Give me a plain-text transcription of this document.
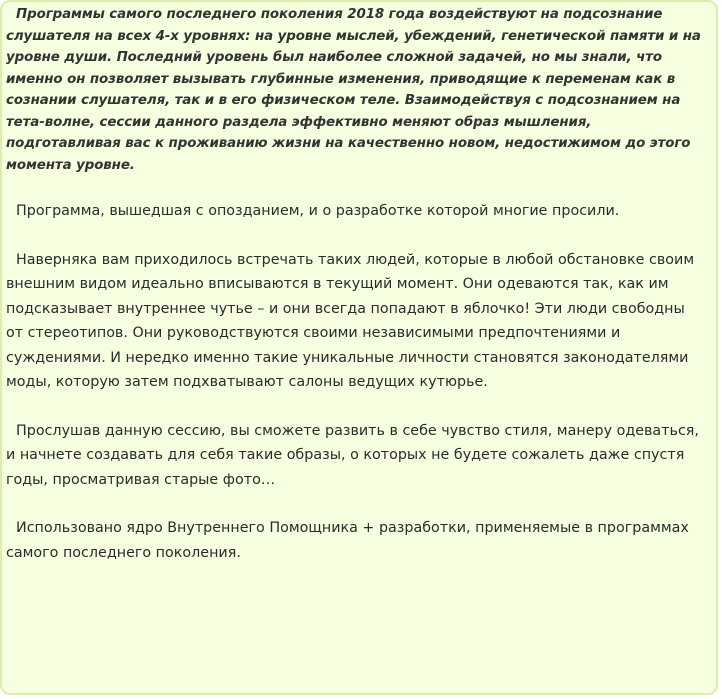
Программы самого последнего поколения 2018 года воздействуют на подсознание слушателя на всех 4-х уровнях: на уровне мыслей, убеждений, генетической памяти и на уровне души. Последний уровень был наиболее сложной задачей, но мы знали, что именно он позволяет вызывать глубинные изменения, приводящие к переменам как в сознании слушателя, так и в его физическом теле. Взаимодействуя с подсознанием на тета-волне, сессии данного раздела эффективно меняют образ мышления, подготавливая вас к проживанию жизни на качественно новом, недостижимом до этого момента уровне.

Программа, вышедшая с опозданием, и о разработке которой многие просили.

Наверняка вам приходилось встречать таких людей, которые в любой обстановке своим внешним видом идеально вписываются в текущий момент. Они одеваются так, как им подсказывает внутреннее чутье – и они всегда попадают в яблочко! Эти люди свободны от стереотипов. Они руководствуются своими независимыми предпочтениями и суждениями. И нередко именно такие уникальные личности становятся законодателями моды, которую затем подхватывают салоны ведущих кутюрье.

Прослушав данную сессию, вы сможете развить в себе чувство стиля, манеру одеваться, и начнете создавать для себя такие образы, о которых не будете сожалеть даже спустя годы, просматривая старые фото…

Использовано ядро Внутреннего Помощника + разработки, применяемые в программах самого последнего поколения.
